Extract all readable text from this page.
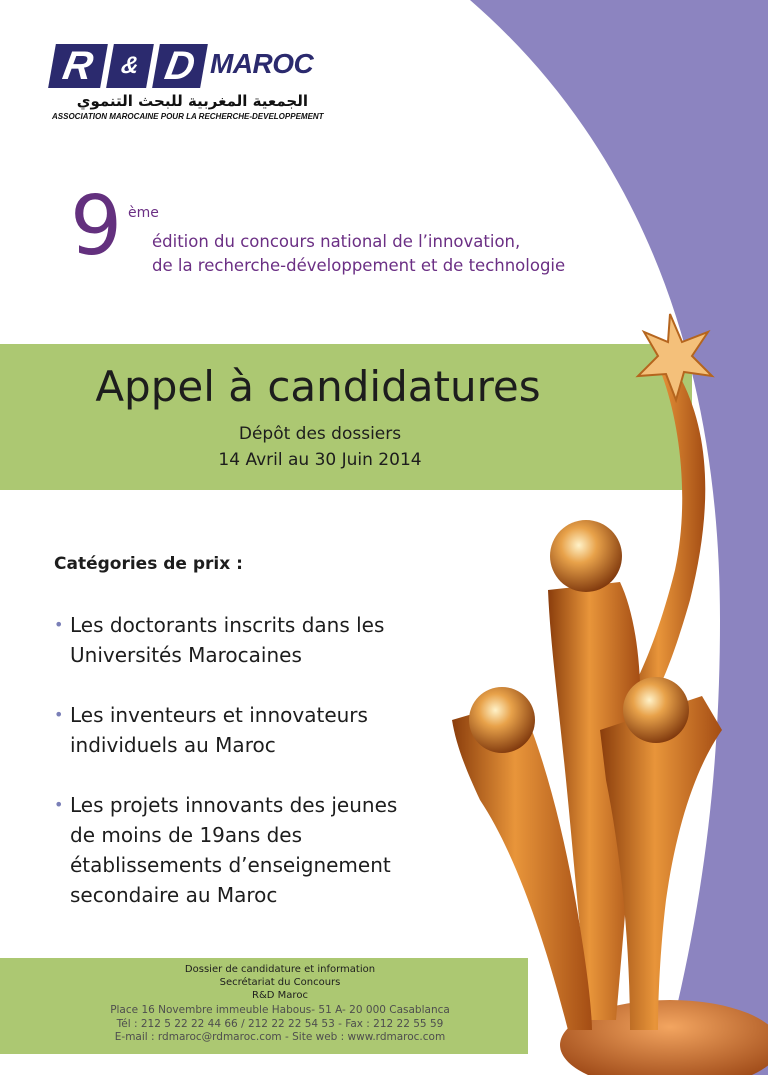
R & D MAROC
الجمعية المغربية للبحث التنموي
ASSOCIATION MAROCAINE POUR LA RECHERCHE-DEVELOPPEMENT
9 ème
édition du concours national de l’innovation,
de la recherche-développement et de technologie
Appel à candidatures
Dépôt des dossiers
14 Avril au 30 Juin 2014
Catégories de prix :
• Les doctorants inscrits dans les
Universités Marocaines
• Les inventeurs et innovateurs
individuels au Maroc
• Les projets innovants des jeunes
de moins de 19ans des
établissements d’enseignement
secondaire au Maroc
Dossier de candidature et information
Secrétariat du Concours
R&D Maroc
Place 16 Novembre immeuble Habous- 51 A- 20 000 Casablanca
Tél : 212 5 22 22 44 66 / 212 22 22 54 53 - Fax : 212 22 55 59
E-mail : rdmaroc@rdmaroc.com - Site web : www.rdmaroc.com
